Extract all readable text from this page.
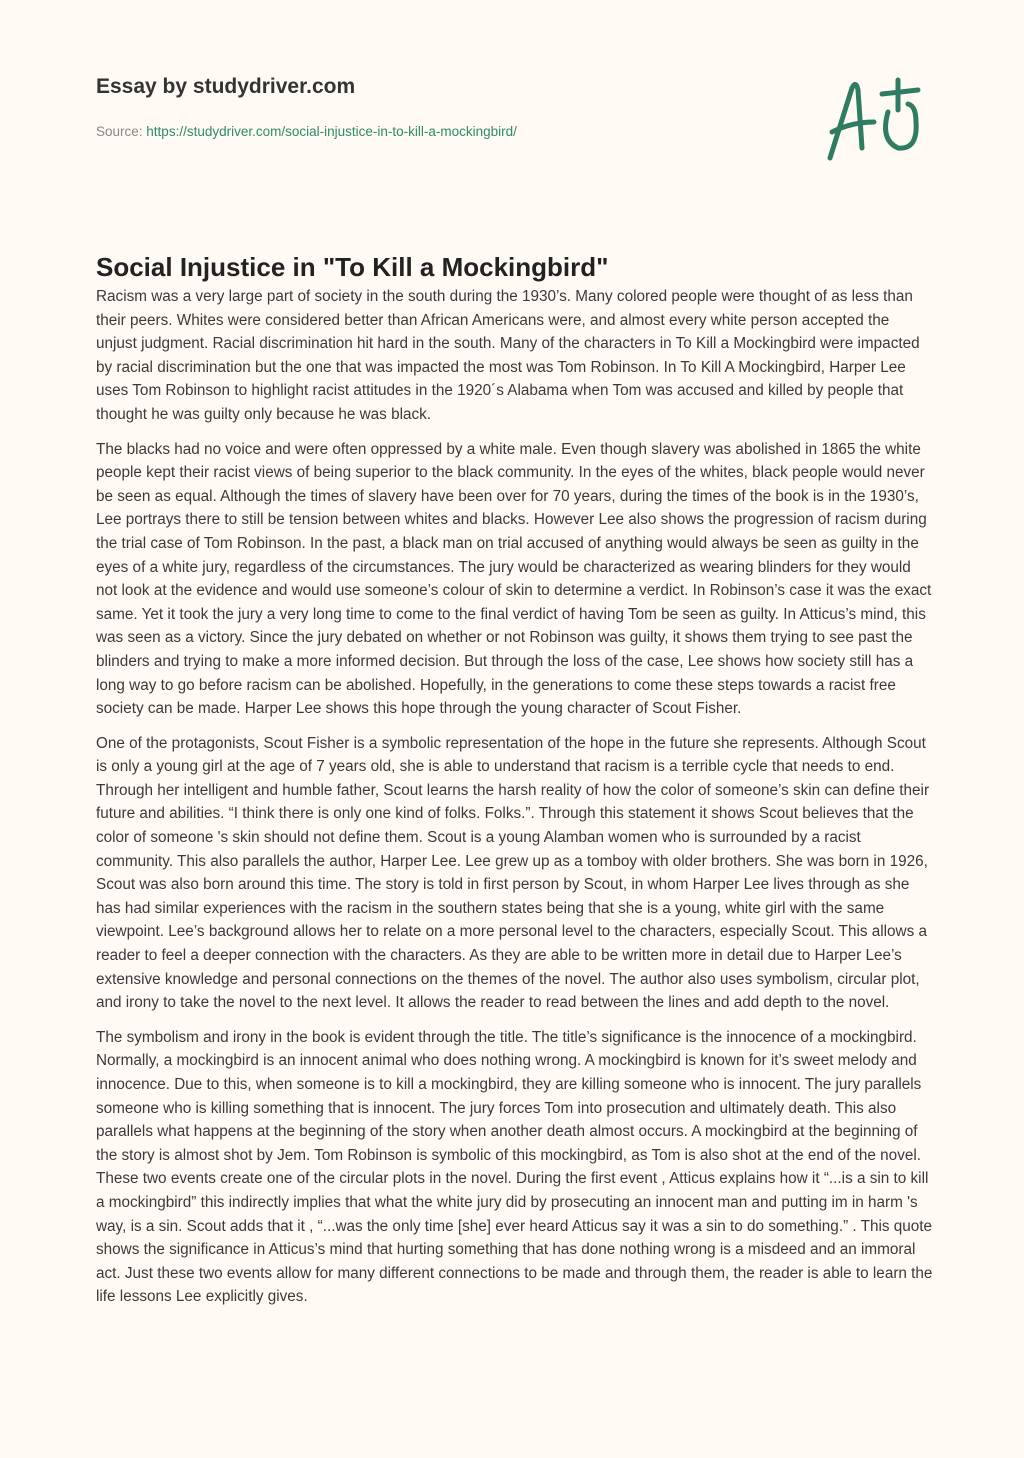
Essay by studydriver.com
Source: https://studydriver.com/social-injustice-in-to-kill-a-mockingbird/
Social Injustice in "To Kill a Mockingbird"

Racism was a very large part of society in the south during the 1930’s. Many colored people were thought of as less than their peers. Whites were considered better than African Americans were, and almost every white person accepted the unjust judgment. Racial discrimination hit hard in the south. Many of the characters in To Kill a Mockingbird were impacted by racial discrimination but the one that was impacted the most was Tom Robinson. In To Kill A Mockingbird, Harper Lee uses Tom Robinson to highlight racist attitudes in the 1920´s Alabama when Tom was accused and killed by people that thought he was guilty only because he was black.

The blacks had no voice and were often oppressed by a white male. Even though slavery was abolished in 1865 the white people kept their racist views of being superior to the black community. In the eyes of the whites, black people would never be seen as equal. Although the times of slavery have been over for 70 years, during the times of the book is in the 1930’s, Lee portrays there to still be tension between whites and blacks. However Lee also shows the progression of racism during the trial case of Tom Robinson. In the past, a black man on trial accused of anything would always be seen as guilty in the eyes of a white jury, regardless of the circumstances. The jury would be characterized as wearing blinders for they would not look at the evidence and would use someone’s colour of skin to determine a verdict. In Robinson’s case it was the exact same. Yet it took the jury a very long time to come to the final verdict of having Tom be seen as guilty. In Atticus’s mind, this was seen as a victory. Since the jury debated on whether or not Robinson was guilty, it shows them trying to see past the blinders and trying to make a more informed decision. But through the loss of the case, Lee shows how society still has a long way to go before racism can be abolished. Hopefully, in the generations to come these steps towards a racist free society can be made. Harper Lee shows this hope through the young character of Scout Fisher.

One of the protagonists, Scout Fisher is a symbolic representation of the hope in the future she represents. Although Scout is only a young girl at the age of 7 years old, she is able to understand that racism is a terrible cycle that needs to end. Through her intelligent and humble father, Scout learns the harsh reality of how the color of someone’s skin can define their future and abilities. “I think there is only one kind of folks. Folks.”. Through this statement it shows Scout believes that the color of someone 's skin should not define them. Scout is a young Alamban women who is surrounded by a racist community. This also parallels the author, Harper Lee. Lee grew up as a tomboy with older brothers. She was born in 1926, Scout was also born around this time. The story is told in first person by Scout, in whom Harper Lee lives through as she has had similar experiences with the racism in the southern states being that she is a young, white girl with the same viewpoint. Lee’s background allows her to relate on a more personal level to the characters, especially Scout. This allows a reader to feel a deeper connection with the characters. As they are able to be written more in detail due to Harper Lee’s extensive knowledge and personal connections on the themes of the novel. The author also uses symbolism, circular plot, and irony to take the novel to the next level. It allows the reader to read between the lines and add depth to the novel.

The symbolism and irony in the book is evident through the title. The title’s significance is the innocence of a mockingbird. Normally, a mockingbird is an innocent animal who does nothing wrong. A mockingbird is known for it’s sweet melody and innocence. Due to this, when someone is to kill a mockingbird, they are killing someone who is innocent. The jury parallels someone who is killing something that is innocent. The jury forces Tom into prosecution and ultimately death. This also parallels what happens at the beginning of the story when another death almost occurs. A mockingbird at the beginning of the story is almost shot by Jem. Tom Robinson is symbolic of this mockingbird, as Tom is also shot at the end of the novel. These two events create one of the circular plots in the novel. During the first event , Atticus explains how it “...is a sin to kill a mockingbird” this indirectly implies that what the white jury did by prosecuting an innocent man and putting im in harm 's way, is a sin. Scout adds that it , “...was the only time [she] ever heard Atticus say it was a sin to do something.” . This quote shows the significance in Atticus’s mind that hurting something that has done nothing wrong is a misdeed and an immoral act. Just these two events allow for many different connections to be made and through them, the reader is able to learn the life lessons Lee explicitly gives.
